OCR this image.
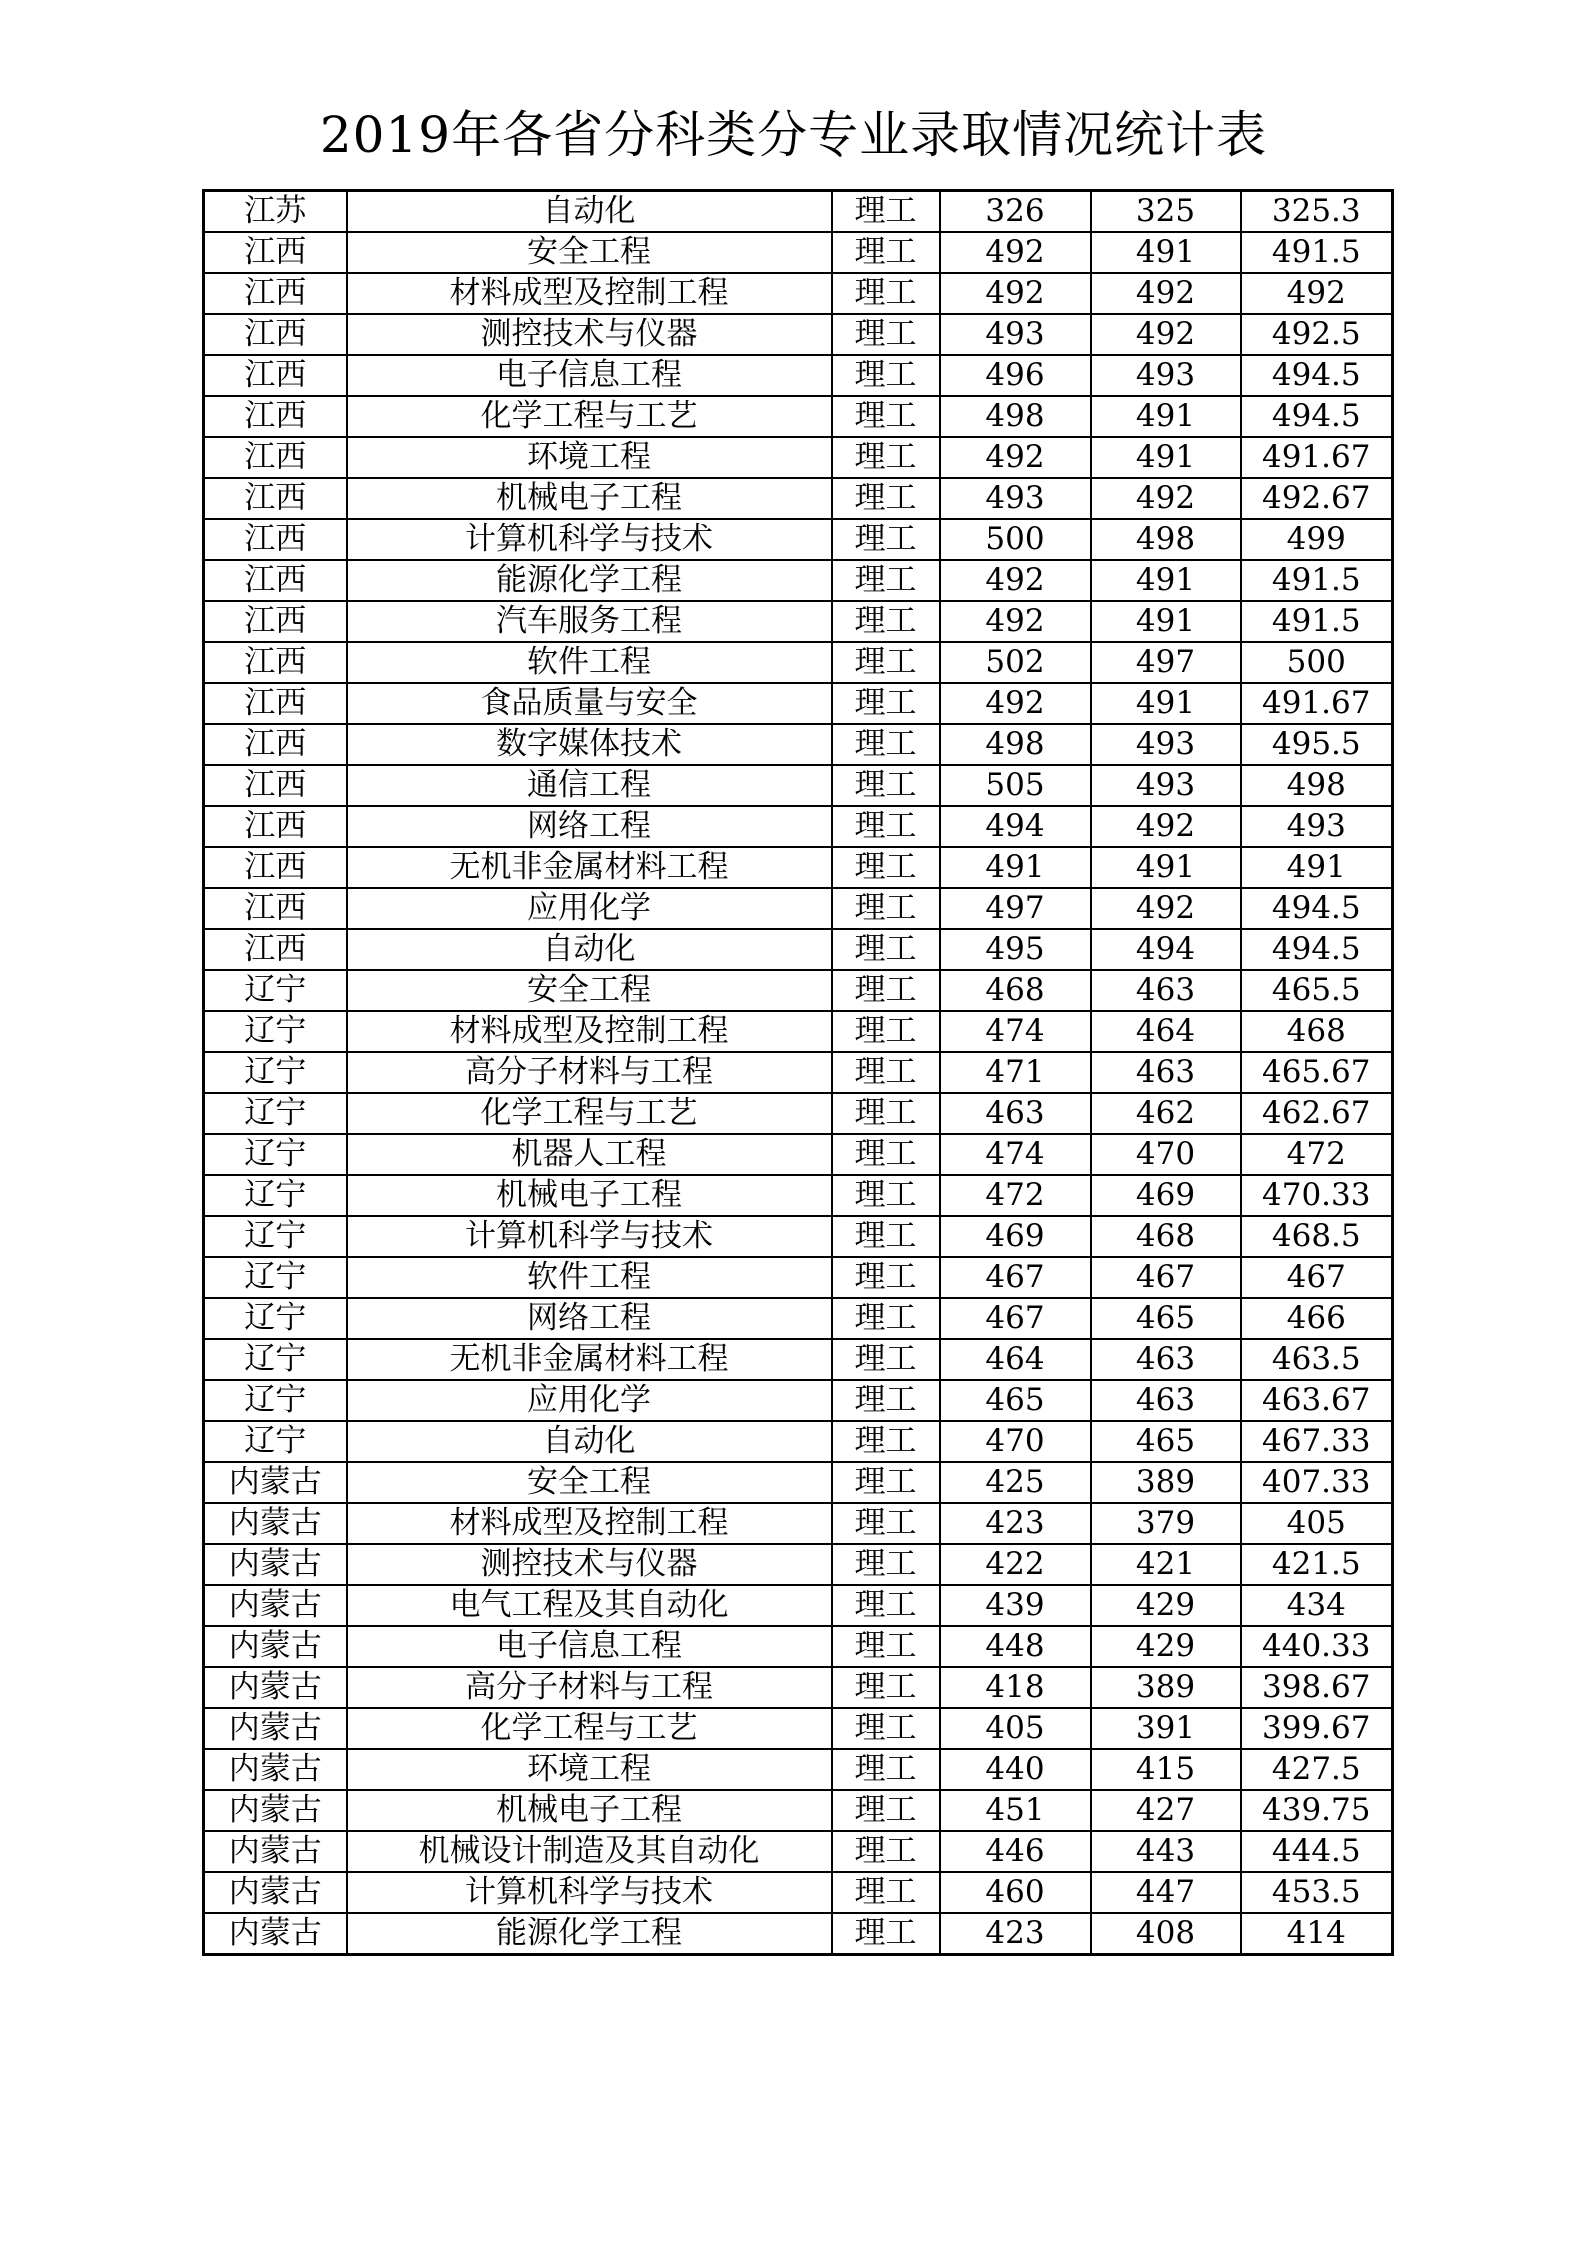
2019年各省分科类分专业录取情况统计表
江苏	自动化	理工	326	325	325.3
江西	安全工程	理工	492	491	491.5
江西	材料成型及控制工程	理工	492	492	492
江西	测控技术与仪器	理工	493	492	492.5
江西	电子信息工程	理工	496	493	494.5
江西	化学工程与工艺	理工	498	491	494.5
江西	环境工程	理工	492	491	491.67
江西	机械电子工程	理工	493	492	492.67
江西	计算机科学与技术	理工	500	498	499
江西	能源化学工程	理工	492	491	491.5
江西	汽车服务工程	理工	492	491	491.5
江西	软件工程	理工	502	497	500
江西	食品质量与安全	理工	492	491	491.67
江西	数字媒体技术	理工	498	493	495.5
江西	通信工程	理工	505	493	498
江西	网络工程	理工	494	492	493
江西	无机非金属材料工程	理工	491	491	491
江西	应用化学	理工	497	492	494.5
江西	自动化	理工	495	494	494.5
辽宁	安全工程	理工	468	463	465.5
辽宁	材料成型及控制工程	理工	474	464	468
辽宁	高分子材料与工程	理工	471	463	465.67
辽宁	化学工程与工艺	理工	463	462	462.67
辽宁	机器人工程	理工	474	470	472
辽宁	机械电子工程	理工	472	469	470.33
辽宁	计算机科学与技术	理工	469	468	468.5
辽宁	软件工程	理工	467	467	467
辽宁	网络工程	理工	467	465	466
辽宁	无机非金属材料工程	理工	464	463	463.5
辽宁	应用化学	理工	465	463	463.67
辽宁	自动化	理工	470	465	467.33
内蒙古	安全工程	理工	425	389	407.33
内蒙古	材料成型及控制工程	理工	423	379	405
内蒙古	测控技术与仪器	理工	422	421	421.5
内蒙古	电气工程及其自动化	理工	439	429	434
内蒙古	电子信息工程	理工	448	429	440.33
内蒙古	高分子材料与工程	理工	418	389	398.67
内蒙古	化学工程与工艺	理工	405	391	399.67
内蒙古	环境工程	理工	440	415	427.5
内蒙古	机械电子工程	理工	451	427	439.75
内蒙古	机械设计制造及其自动化	理工	446	443	444.5
内蒙古	计算机科学与技术	理工	460	447	453.5
内蒙古	能源化学工程	理工	423	408	414
